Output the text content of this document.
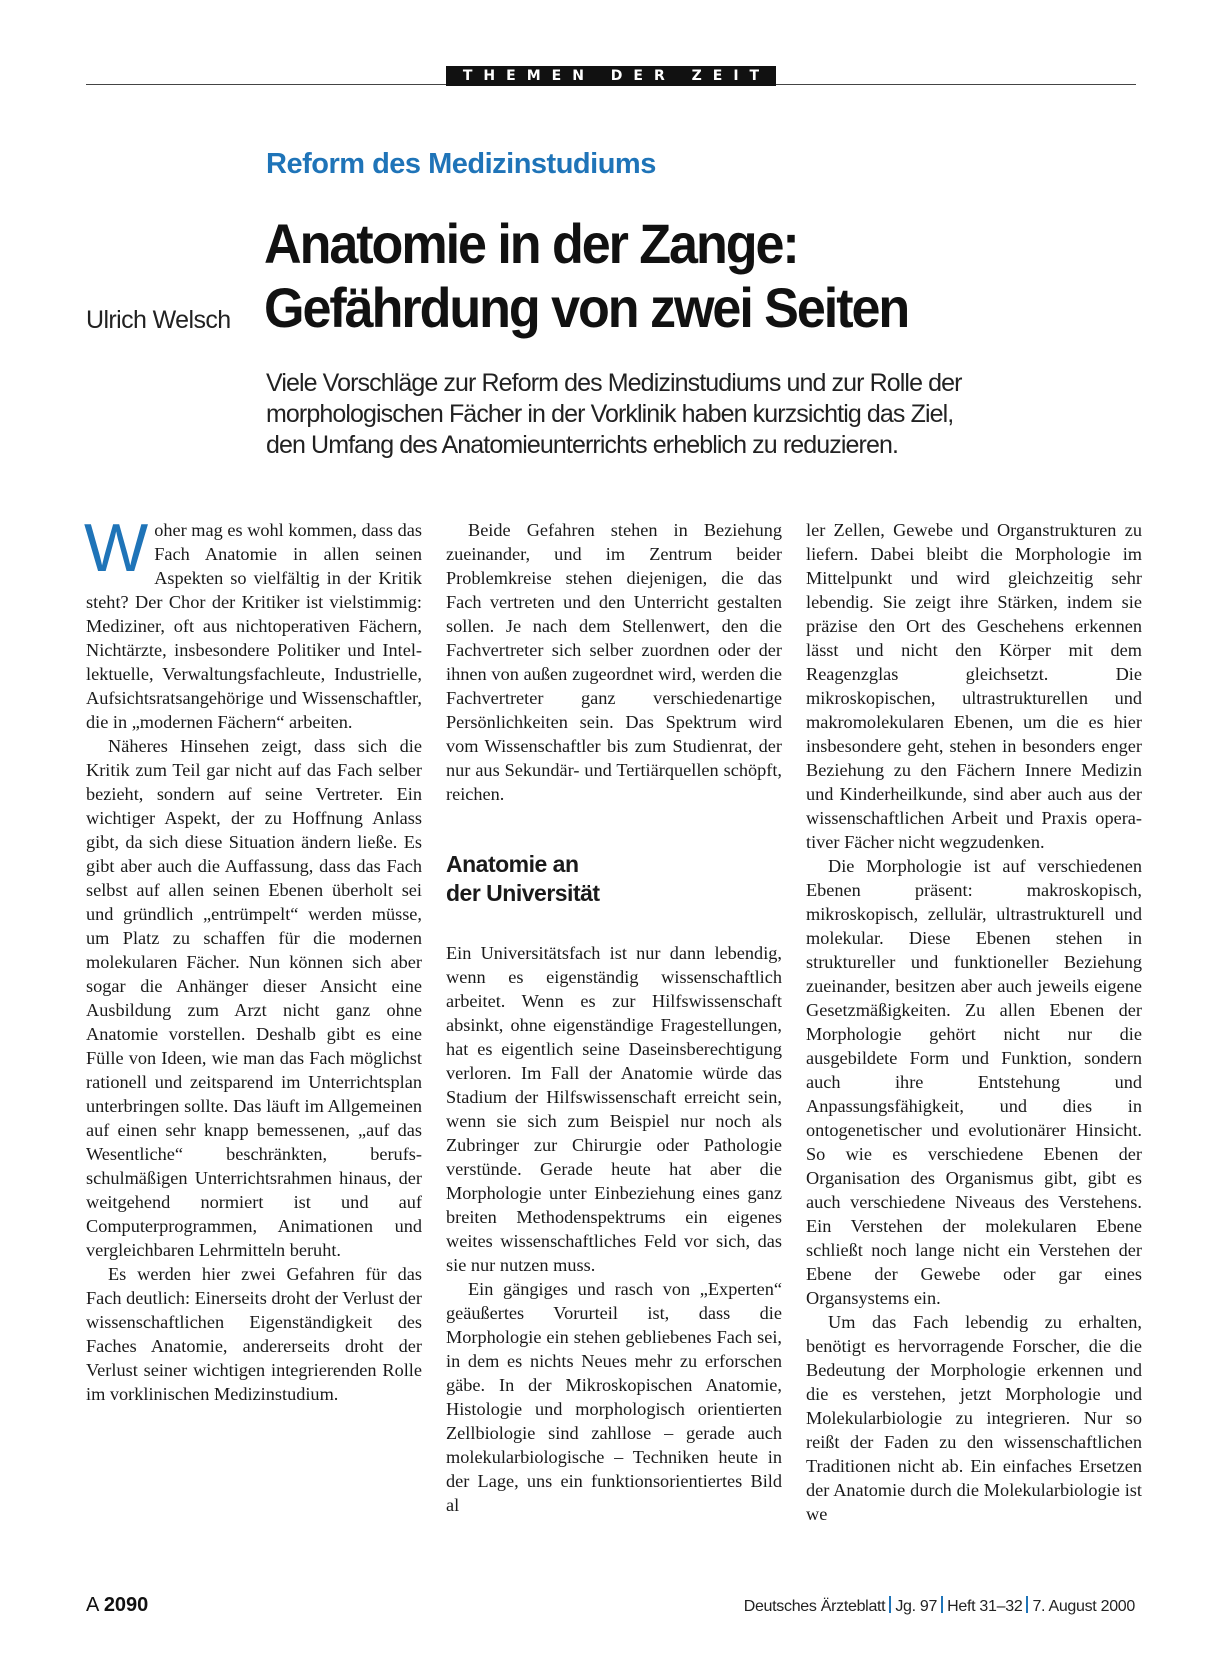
THEMEN DER ZEIT
Reform des Medizinstudiums
Anatomie in der Zange:
Gefährdung von zwei Seiten
Ulrich Welsch
Viele Vorschläge zur Reform des Medizinstudiums und zur Rolle der
morphologischen Fächer in der Vorklinik haben kurzsichtig das Ziel,
den Umfang des Anatomieunterrichts erheblich zu reduzieren.

Woher mag es wohl kommen, dass das Fach Anatomie in allen seinen Aspekten so vielfältig in der Kritik steht? Der Chor der Kritiker ist vielstimmig: Mediziner, oft aus nichtoperativen Fächern, Nichtärzte, insbesondere Politiker und Intellektuelle, Verwaltungsfachleute, Industrielle, Aufsichtsratsangehörige und Wissenschaftler, die in „modernen Fächern“ arbeiten.

Näheres Hinsehen zeigt, dass sich die Kritik zum Teil gar nicht auf das Fach selber bezieht, sondern auf seine Vertreter. Ein wichtiger Aspekt, der zu Hoffnung Anlass gibt, da sich diese Situation ändern ließe. Es gibt aber auch die Auffassung, dass das Fach selbst auf allen seinen Ebenen überholt sei und gründlich „entrümpelt“ werden müsse, um Platz zu schaffen für die modernen molekularen Fächer. Nun können sich aber sogar die Anhänger dieser Ansicht eine Ausbildung zum Arzt nicht ganz ohne Anatomie vorstellen. Deshalb gibt es eine Fülle von Ideen, wie man das Fach möglichst rationell und zeitsparend im Unterrichtsplan unterbringen sollte. Das läuft im Allgemeinen auf einen sehr knapp bemessenen, „auf das Wesentliche“ beschränkten, berufsschulmäßigen Unterrichtsrahmen hinaus, der weitgehend normiert ist und auf Computerprogrammen, Animationen und vergleichbaren Lehrmitteln beruht.

Es werden hier zwei Gefahren für das Fach deutlich: Einerseits droht der Verlust der wissenschaftlichen Eigenständigkeit des Faches Anatomie, andererseits droht der Verlust seiner wichtigen integrierenden Rolle im vorklinischen Medizinstudium.

Beide Gefahren stehen in Beziehung zueinander, und im Zentrum beider Problemkreise stehen diejenigen, die das Fach vertreten und den Unterricht gestalten sollen. Je nach dem Stellenwert, den die Fachvertreter sich selber zuordnen oder der ihnen von außen zugeordnet wird, werden die Fachvertreter ganz verschiedenartige Persönlichkeiten sein. Das Spektrum wird vom Wissenschaftler bis zum Studienrat, der nur aus Sekundär- und Tertiärquellen schöpft, reichen.

Anatomie an
der Universität

Ein Universitätsfach ist nur dann lebendig, wenn es eigenständig wissenschaftlich arbeitet. Wenn es zur Hilfswissenschaft absinkt, ohne eigenständige Fragestellungen, hat es eigentlich seine Daseinsberechtigung verloren. Im Fall der Anatomie würde das Stadium der Hilfswissenschaft erreicht sein, wenn sie sich zum Beispiel nur noch als Zubringer zur Chirurgie oder Pathologie verstünde. Gerade heute hat aber die Morphologie unter Einbeziehung eines ganz breiten Methodenspektrums ein eigenes weites wissenschaftliches Feld vor sich, das sie nur nutzen muss.

Ein gängiges und rasch von „Experten“ geäußertes Vorurteil ist, dass die Morphologie ein stehen gebliebenes Fach sei, in dem es nichts Neues mehr zu erforschen gäbe. In der Mikroskopischen Anatomie, Histologie und morphologisch orientierten Zellbiologie sind zahllose – gerade auch molekularbiologische – Techniken heute in der Lage, uns ein funktionsorientiertes Bild al

ler Zellen, Gewebe und Organstrukturen zu liefern. Dabei bleibt die Morphologie im Mittelpunkt und wird gleichzeitig sehr lebendig. Sie zeigt ihre Stärken, indem sie präzise den Ort des Geschehens erkennen lässt und nicht den Körper mit dem Reagenzglas gleichsetzt. Die mikroskopischen, ultrastrukturellen und makromolekularen Ebenen, um die es hier insbesondere geht, stehen in besonders enger Beziehung zu den Fächern Innere Medizin und Kinderheilkunde, sind aber auch aus der wissenschaftlichen Arbeit und Praxis operativer Fächer nicht wegzudenken.

Die Morphologie ist auf verschiedenen Ebenen präsent: makroskopisch, mikroskopisch, zellulär, ultrastrukturell und molekular. Diese Ebenen stehen in struktureller und funktioneller Beziehung zueinander, besitzen aber auch jeweils eigene Gesetzmäßigkeiten. Zu allen Ebenen der Morphologie gehört nicht nur die ausgebildete Form und Funktion, sondern auch ihre Entstehung und Anpassungsfähigkeit, und dies in ontogenetischer und evolutionärer Hinsicht. So wie es verschiedene Ebenen der Organisation des Organismus gibt, gibt es auch verschiedene Niveaus des Verstehens. Ein Verstehen der molekularen Ebene schließt noch lange nicht ein Verstehen der Ebene der Gewebe oder gar eines Organsystems ein.

Um das Fach lebendig zu erhalten, benötigt es hervorragende Forscher, die die Bedeutung der Morphologie erkennen und die es verstehen, jetzt Morphologie und Molekularbiologie zu integrieren. Nur so reißt der Faden zu den wissenschaftlichen Traditionen nicht ab. Ein einfaches Ersetzen der Anatomie durch die Molekularbiologie ist we

A 2090	Deutsches Ärzteblatt Jg. 97 Heft 31–32 7. August 2000
